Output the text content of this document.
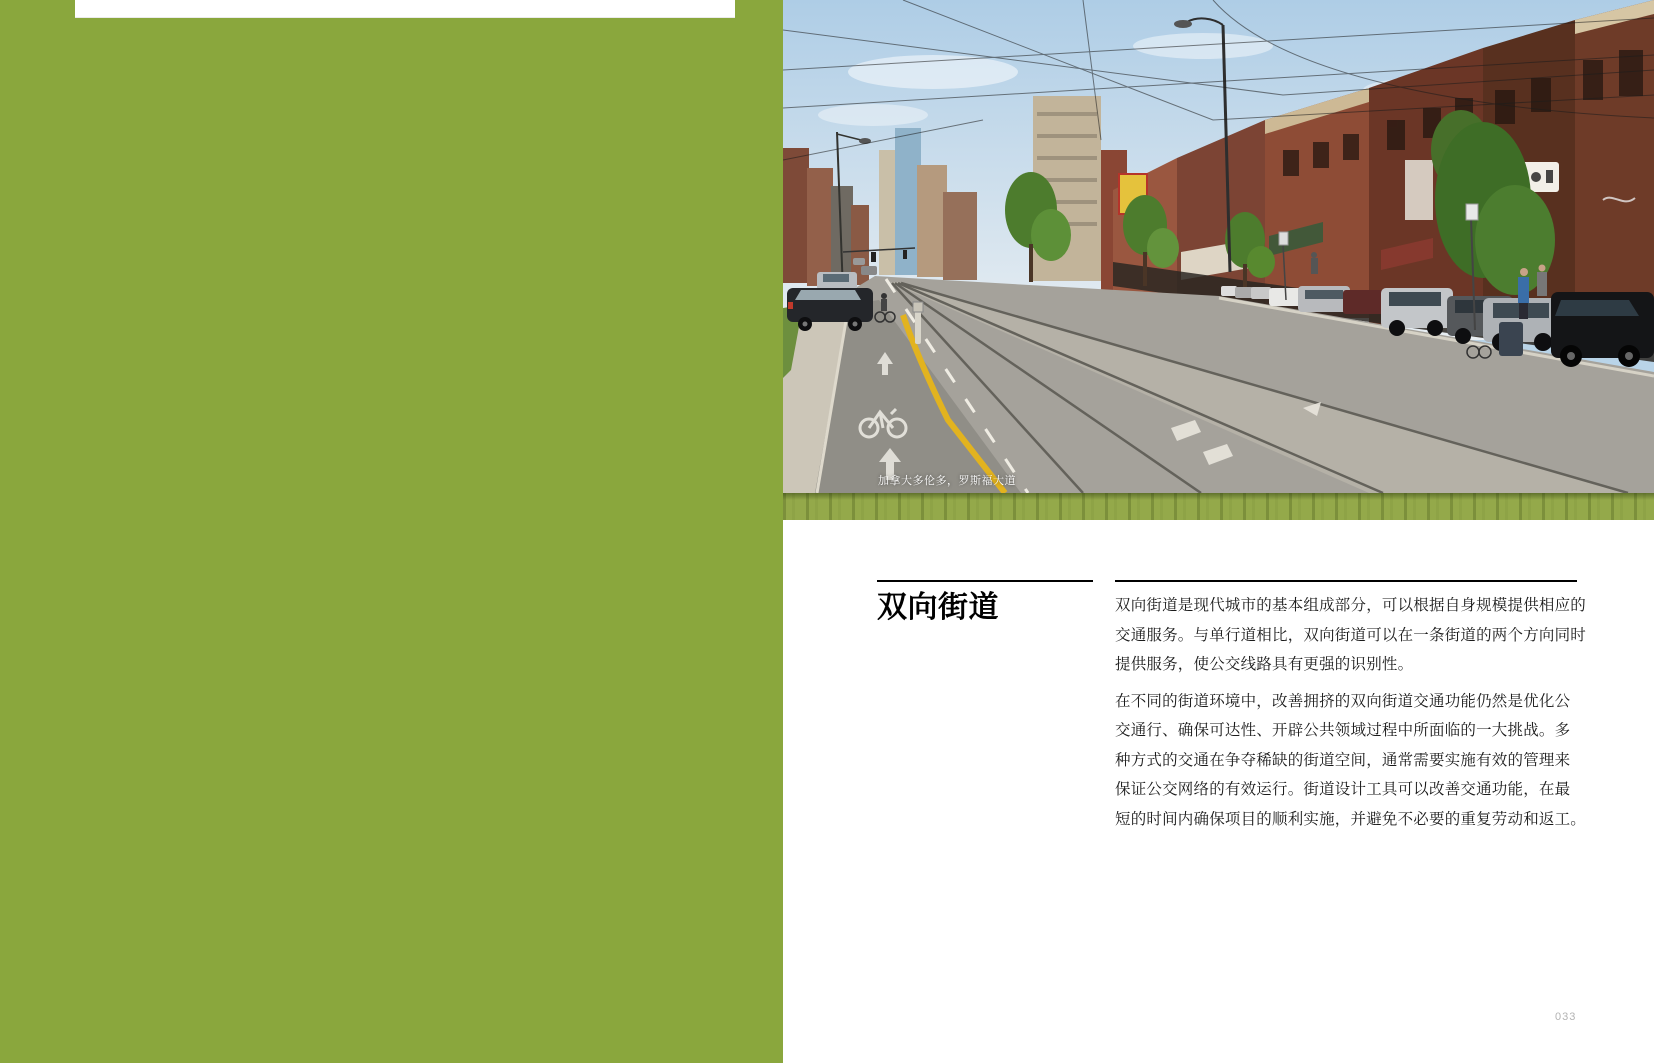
加拿大多伦多，罗斯福大道
双向街道	双向街道是现代城市的基本组成部分，可以根据自身规模提供相应的
交通服务。与单行道相比，双向街道可以在一条街道的两个方向同时
提供服务，使公交线路具有更强的识别性。
在不同的街道环境中，改善拥挤的双向街道交通功能仍然是优化公
交通行、确保可达性、开辟公共领域过程中所面临的一大挑战。多
种方式的交通在争夺稀缺的街道空间，通常需要实施有效的管理来
保证公交网络的有效运行。街道设计工具可以改善交通功能，在最
短的时间内确保项目的顺利实施，并避免不必要的重复劳动和返工。
033
